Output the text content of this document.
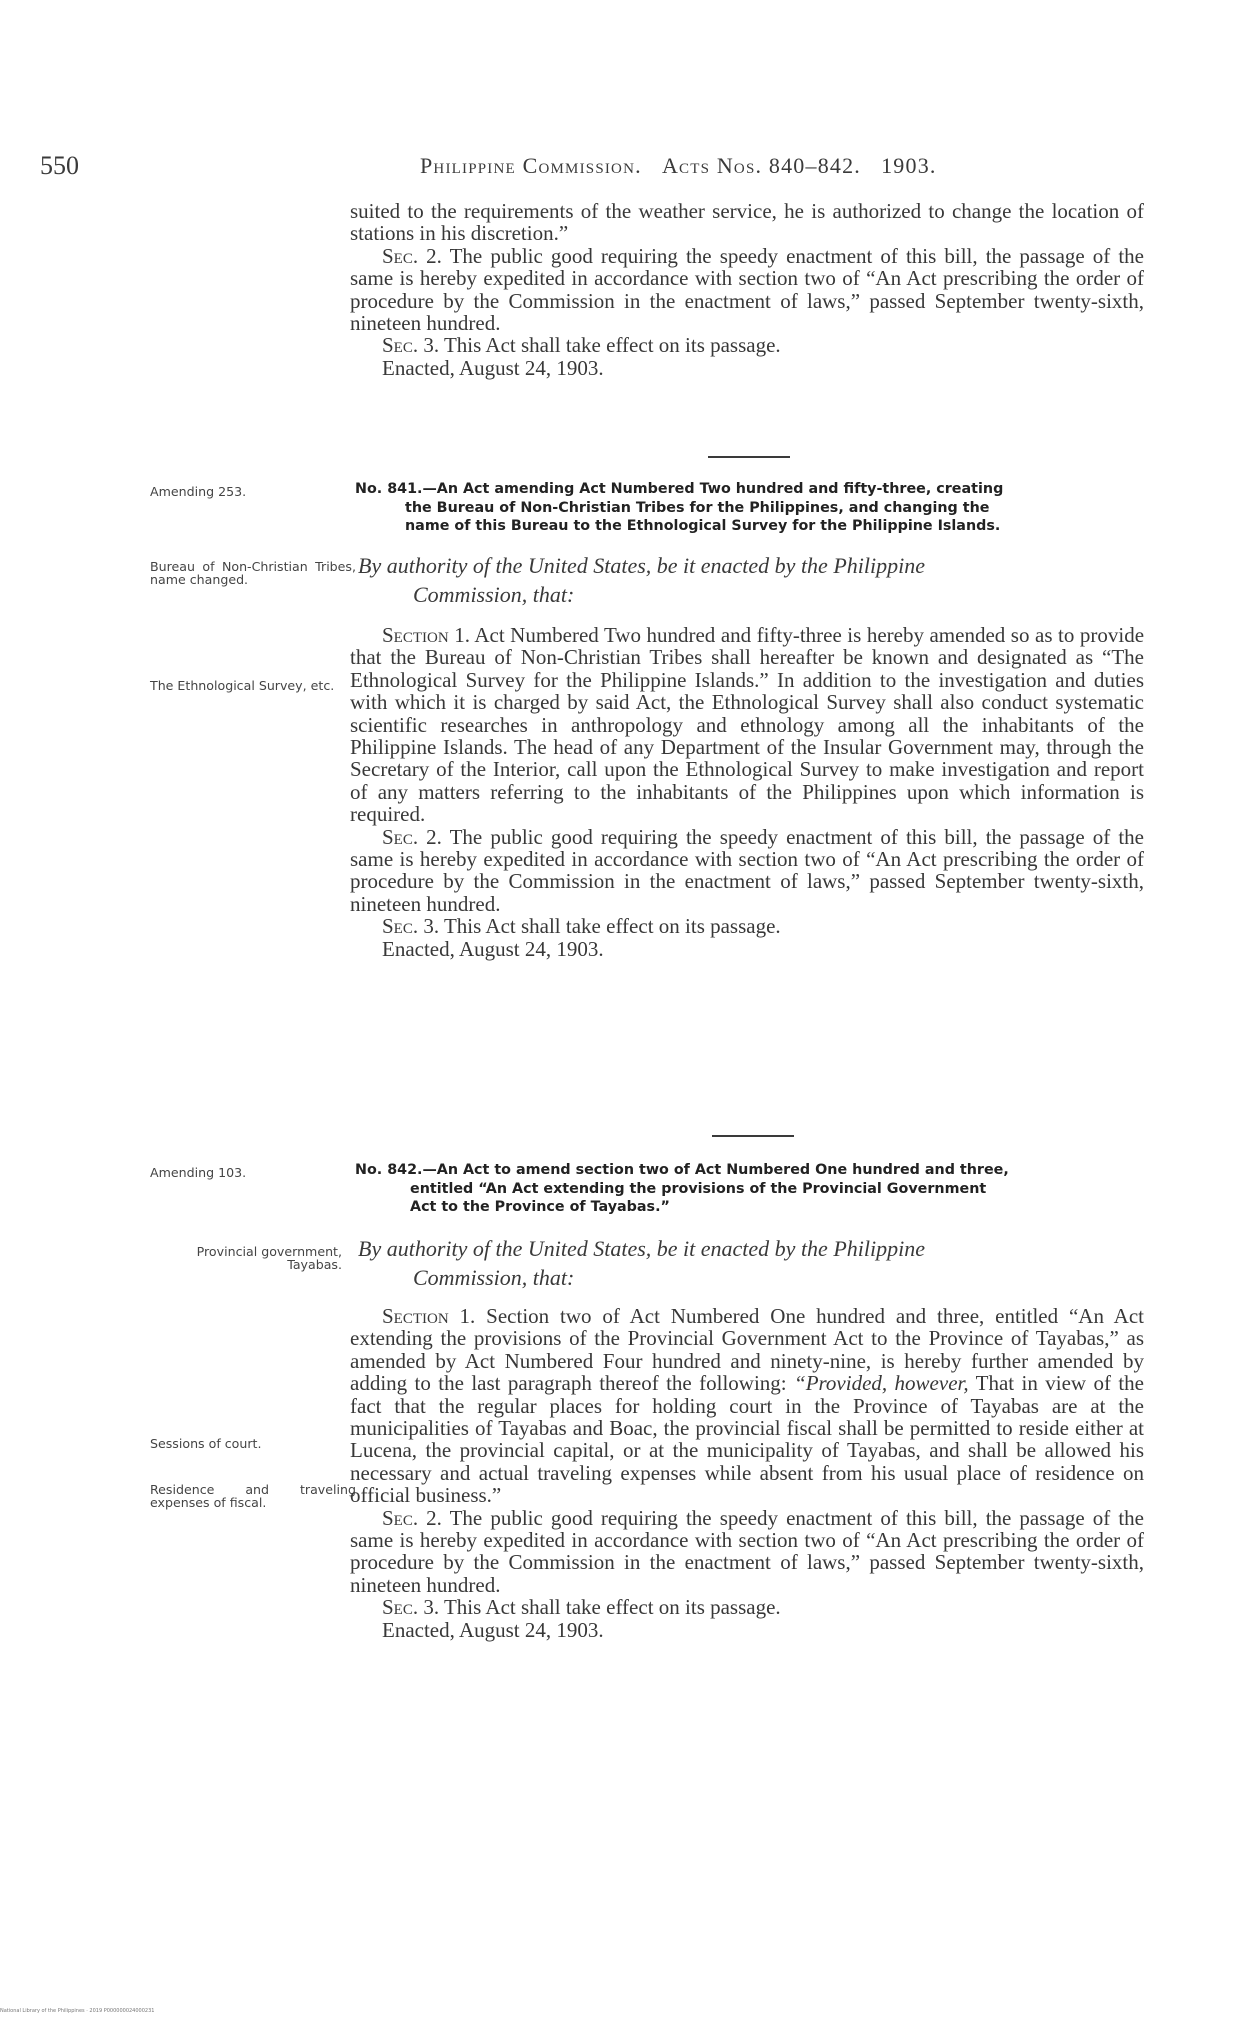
550	Philippine Commission. Acts Nos. 840–842. 1903.

suited to the requirements of the weather service, he is authorized to change the location of stations in his discretion.”

Sec. 2. The public good requiring the speedy enactment of this bill, the passage of the same is hereby expedited in accordance with section two of “An Act prescribing the order of procedure by the Commission in the enactment of laws,” passed September twenty-sixth, nineteen hundred.

Sec. 3. This Act shall take effect on its passage.

Enacted, August 24, 1903.

Amending 253.	No. 841.—An Act amending Act Numbered Two hundred and fifty-three, creating
the Bureau of Non-Christian Tribes for the Philippines, and changing the
name of this Bureau to the Ethnological Survey for the Philippine Islands.
Bureau of Non-Christian Tribes, name changed.
By authority of the United States, be it enacted by the Philippine
Commission, that:
The Ethnological Survey, etc.

Section 1. Act Numbered Two hundred and fifty-three is hereby amended so as to provide that the Bureau of Non-Christian Tribes shall hereafter be known and designated as “The Ethnological Survey for the Philippine Islands.” In addition to the investigation and duties with which it is charged by said Act, the Ethnological Survey shall also conduct systematic scientific researches in anthropology and ethnology among all the inhabitants of the Philippine Islands. The head of any Department of the Insular Government may, through the Secretary of the Interior, call upon the Ethnological Survey to make investigation and report of any matters referring to the inhabitants of the Philippines upon which information is required.

Sec. 2. The public good requiring the speedy enactment of this bill, the passage of the same is hereby expedited in accordance with section two of “An Act prescribing the order of procedure by the Commission in the enactment of laws,” passed September twenty-sixth, nineteen hundred.

Sec. 3. This Act shall take effect on its passage.

Enacted, August 24, 1903.

Amending 103.	No. 842.—An Act to amend section two of Act Numbered One hundred and three,
entitled “An Act extending the provisions of the Provincial Government
Act to the Province of Tayabas.”
Provincial government, Tayabas.
By authority of the United States, be it enacted by the Philippine
Commission, that:
Sessions of court.
Residence and traveling expenses of fiscal.

Section 1. Section two of Act Numbered One hundred and three, entitled “An Act extending the provisions of the Provincial Government Act to the Province of Tayabas,” as amended by Act Numbered Four hundred and ninety-nine, is hereby further amended by adding to the last paragraph thereof the following: “Provided, however, That in view of the fact that the regular places for holding court in the Province of Tayabas are at the municipalities of Tayabas and Boac, the provincial fiscal shall be permitted to reside either at Lucena, the provincial capital, or at the municipality of Tayabas, and shall be allowed his necessary and actual traveling expenses while absent from his usual place of residence on official business.”

Sec. 2. The public good requiring the speedy enactment of this bill, the passage of the same is hereby expedited in accordance with section two of “An Act prescribing the order of procedure by the Commission in the enactment of laws,” passed September twenty-sixth, nineteen hundred.

Sec. 3. This Act shall take effect on its passage.

Enacted, August 24, 1903.

National Library of the Philippines · 2019 P000000024000231
